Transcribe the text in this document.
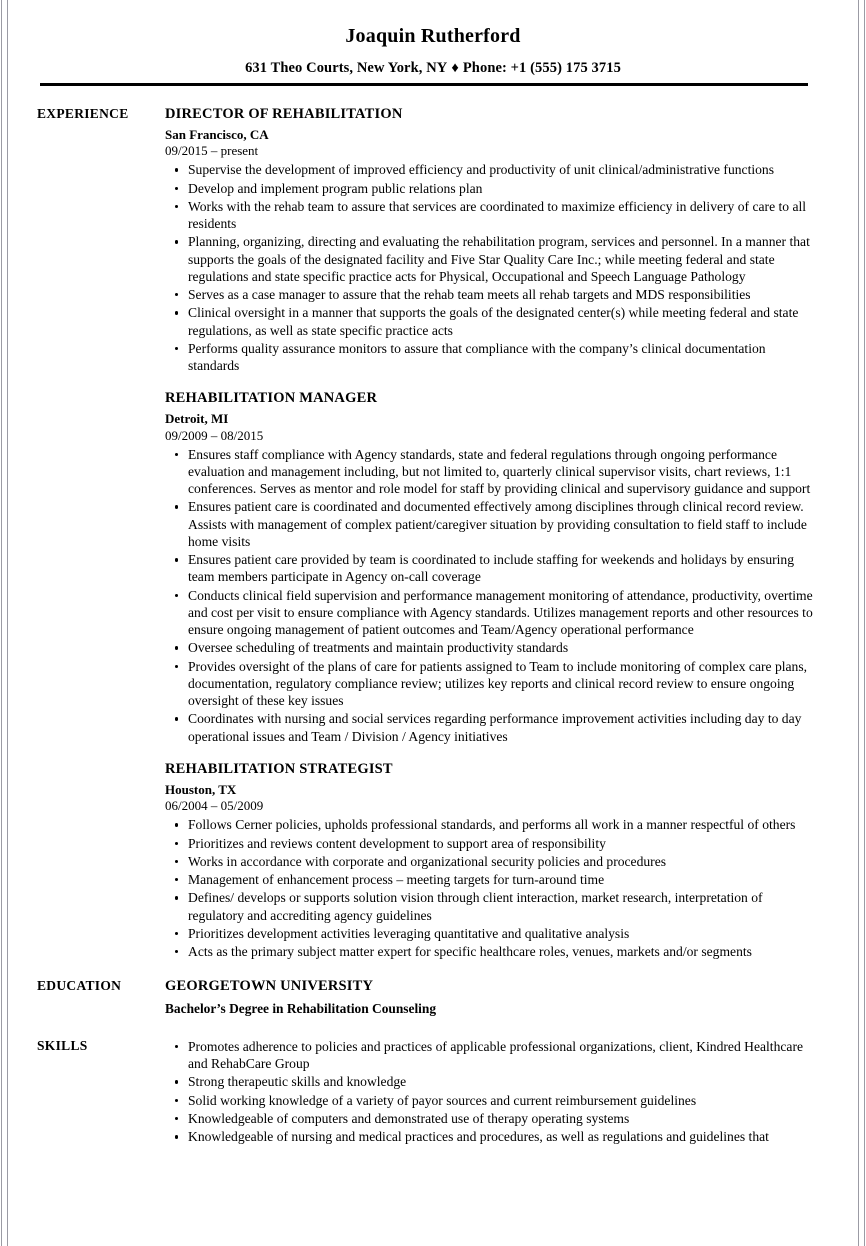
Joaquin Rutherford
631 Theo Courts, New York, NY ♦ Phone: +1 (555) 175 3715
EXPERIENCE	DIRECTOR OF REHABILITATION
San Francisco, CA
09/2015 – present
Supervise the development of improved efficiency and productivity of unit clinical/administrative functions
Develop and implement program public relations plan
Works with the rehab team to assure that services are coordinated to maximize efficiency in delivery of care to all residents
Planning, organizing, directing and evaluating the rehabilitation program, services and personnel. In a manner that supports the goals of the designated facility and Five Star Quality Care Inc.; while meeting federal and state regulations and state specific practice acts for Physical, Occupational and Speech Language Pathology
Serves as a case manager to assure that the rehab team meets all rehab targets and MDS responsibilities
Clinical oversight in a manner that supports the goals of the designated center(s) while meeting federal and state regulations, as well as state specific practice acts
Performs quality assurance monitors to assure that compliance with the company’s clinical documentation standards
REHABILITATION MANAGER
Detroit, MI
09/2009 – 08/2015
Ensures staff compliance with Agency standards, state and federal regulations through ongoing performance evaluation and management including, but not limited to, quarterly clinical supervisor visits, chart reviews, 1:1 conferences. Serves as mentor and role model for staff by providing clinical and supervisory guidance and support
Ensures patient care is coordinated and documented effectively among disciplines through clinical record review. Assists with management of complex patient/caregiver situation by providing consultation to field staff to include home visits
Ensures patient care provided by team is coordinated to include staffing for weekends and holidays by ensuring team members participate in Agency on-call coverage
Conducts clinical field supervision and performance management monitoring of attendance, productivity, overtime and cost per visit to ensure compliance with Agency standards. Utilizes management reports and other resources to ensure ongoing management of patient outcomes and Team/Agency operational performance
Oversee scheduling of treatments and maintain productivity standards
Provides oversight of the plans of care for patients assigned to Team to include monitoring of complex care plans, documentation, regulatory compliance review; utilizes key reports and clinical record review to ensure ongoing oversight of these key issues
Coordinates with nursing and social services regarding performance improvement activities including day to day operational issues and Team / Division / Agency initiatives
REHABILITATION STRATEGIST
Houston, TX
06/2004 – 05/2009
Follows Cerner policies, upholds professional standards, and performs all work in a manner respectful of others
Prioritizes and reviews content development to support area of responsibility
Works in accordance with corporate and organizational security policies and procedures
Management of enhancement process – meeting targets for turn-around time
Defines/ develops or supports solution vision through client interaction, market research, interpretation of regulatory and accrediting agency guidelines
Prioritizes development activities leveraging quantitative and qualitative analysis
Acts as the primary subject matter expert for specific healthcare roles, venues, markets and/or segments
EDUCATION	GEORGETOWN UNIVERSITY
Bachelor’s Degree in Rehabilitation Counseling
SKILLS	Promotes adherence to policies and practices of applicable professional organizations, client, Kindred Healthcare and RehabCare Group
Strong therapeutic skills and knowledge
Solid working knowledge of a variety of payor sources and current reimbursement guidelines
Knowledgeable of computers and demonstrated use of therapy operating systems
Knowledgeable of nursing and medical practices and procedures, as well as regulations and guidelines that
